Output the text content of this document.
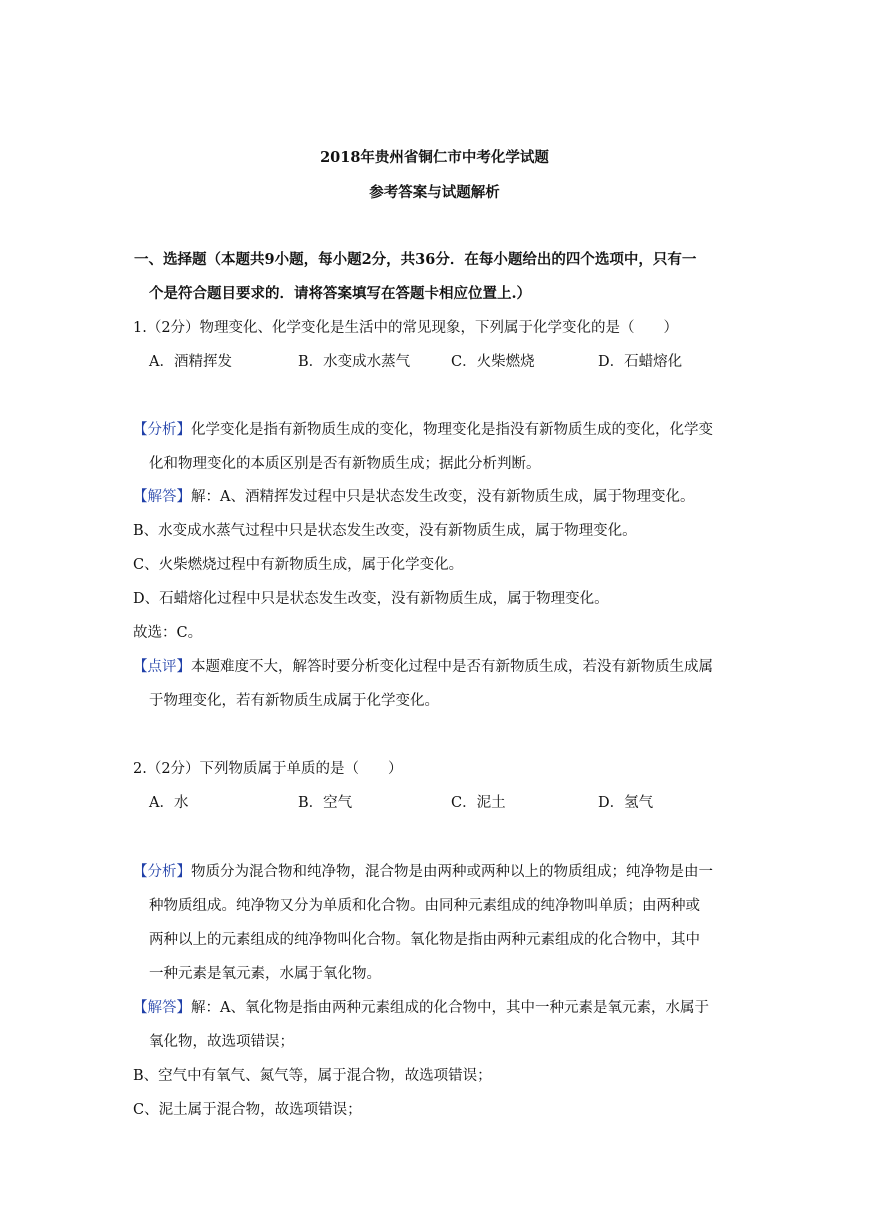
2018年贵州省铜仁市中考化学试题
参考答案与试题解析
一、选择题（本题共9小题，每小题2分，共36分．在每小题给出的四个选项中，只有一
个是符合题目要求的．请将答案填写在答题卡相应位置上.）
1.（2分）物理变化、化学变化是生活中的常见现象，下列属于化学变化的是（　　）
A．酒精挥发	B．水变成水蒸气	C．火柴燃烧	D．石蜡熔化
【分析】化学变化是指有新物质生成的变化，物理变化是指没有新物质生成的变化，化学变
化和物理变化的本质区别是否有新物质生成；据此分析判断。
【解答】解：A、酒精挥发过程中只是状态发生改变，没有新物质生成，属于物理变化。
B、水变成水蒸气过程中只是状态发生改变，没有新物质生成，属于物理变化。
C、火柴燃烧过程中有新物质生成，属于化学变化。
D、石蜡熔化过程中只是状态发生改变，没有新物质生成，属于物理变化。
故选：C。
【点评】本题难度不大，解答时要分析变化过程中是否有新物质生成，若没有新物质生成属
于物理变化，若有新物质生成属于化学变化。
2.（2分）下列物质属于单质的是（　　）
A．水	B．空气	C．泥土	D．氢气
【分析】物质分为混合物和纯净物，混合物是由两种或两种以上的物质组成；纯净物是由一
种物质组成。纯净物又分为单质和化合物。由同种元素组成的纯净物叫单质；由两种或
两种以上的元素组成的纯净物叫化合物。氧化物是指由两种元素组成的化合物中，其中
一种元素是氧元素，水属于氧化物。
【解答】解：A、氧化物是指由两种元素组成的化合物中，其中一种元素是氧元素，水属于
氧化物，故选项错误；
B、空气中有氧气、氮气等，属于混合物，故选项错误；
C、泥土属于混合物，故选项错误；
